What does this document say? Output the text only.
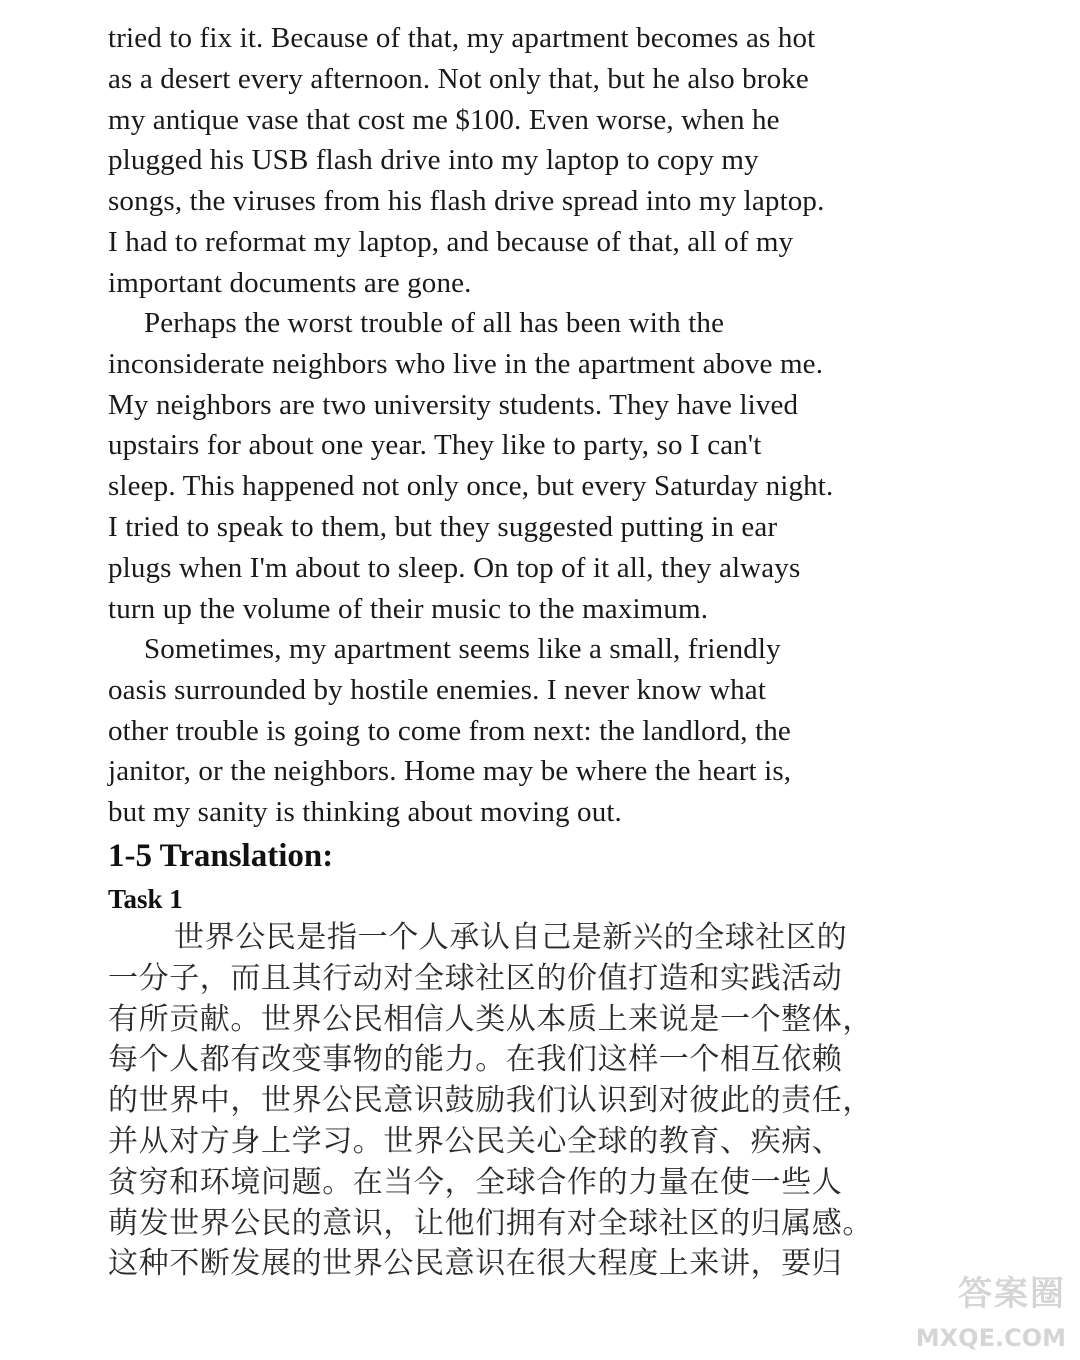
tried to fix it. Because of that, my apartment becomes as hot
as a desert every afternoon. Not only that, but he also broke
my antique vase that cost me $100. Even worse, when he
plugged his USB flash drive into my laptop to copy my
songs, the viruses from his flash drive spread into my laptop.
I had to reformat my laptop, and because of that, all of my
important documents are gone.

Perhaps the worst trouble of all has been with the
inconsiderate neighbors who live in the apartment above me.
My neighbors are two university students. They have lived
upstairs for about one year. They like to party, so I can't
sleep. This happened not only once, but every Saturday night.
I tried to speak to them, but they suggested putting in ear
plugs when I'm about to sleep. On top of it all, they always
turn up the volume of their music to the maximum.

Sometimes, my apartment seems like a small, friendly
oasis surrounded by hostile enemies. I never know what
other trouble is going to come from next: the landlord, the
janitor, or the neighbors. Home may be where the heart is,
but my sanity is thinking about moving out.

1-5 Translation:
Task 1

世界公民是指一个人承认自己是新兴的全球社区的
一分子，而且其行动对全球社区的价值打造和实践活动
有所贡献。世界公民相信人类从本质上来说是一个整体，
每个人都有改变事物的能力。在我们这样一个相互依赖
的世界中，世界公民意识鼓励我们认识到对彼此的责任，
并从对方身上学习。世界公民关心全球的教育、疾病、
贫穷和环境问题。在当今，全球合作的力量在使一些人
萌发世界公民的意识，让他们拥有对全球社区的归属感。
这种不断发展的世界公民意识在很大程度上来讲，要归

答案圈
MXQE.COM
